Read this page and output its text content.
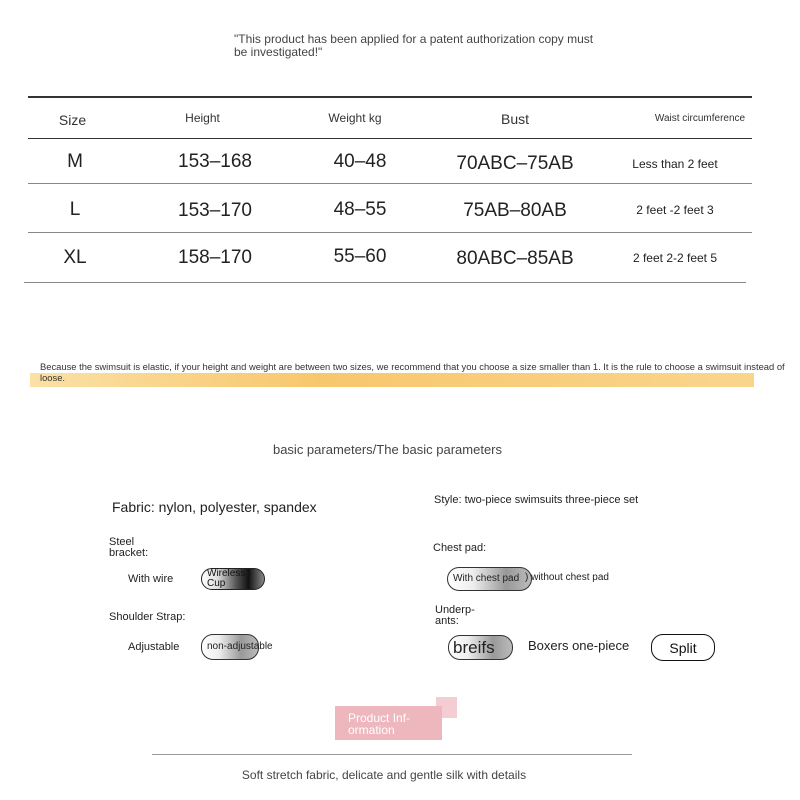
"This product has been applied for a patent authorization copy must be investigated!"
Size	Height	Weight kg	Bust	Waist circumference
M	153–168	40–48	70ABC–75AB	Less than 2 feet
L	153–170	48–55	75AB–80AB	2 feet -2 feet 3
XL	158–170	55–60	80ABC–85AB	2 feet 2-2 feet 5
Because the swimsuit is elastic, if your height and weight are between two sizes, we recommend that you choose a size smaller than 1. It is the rule to choose a swimsuit instead of loose.
basic parameters/The basic parameters
Fabric: nylon, polyester, spandex	Style: two-piece swimsuits three-piece set
Steel bracket:
With wire	Wireless Cup
Chest pad:
With chest pad ) without chest pad
Shoulder Strap:
Adjustable	non-adjustable
Underp-ants:
breifs	Boxers one-piece	Split
Product Inf-ormation
Soft stretch fabric, delicate and gentle silk with details
